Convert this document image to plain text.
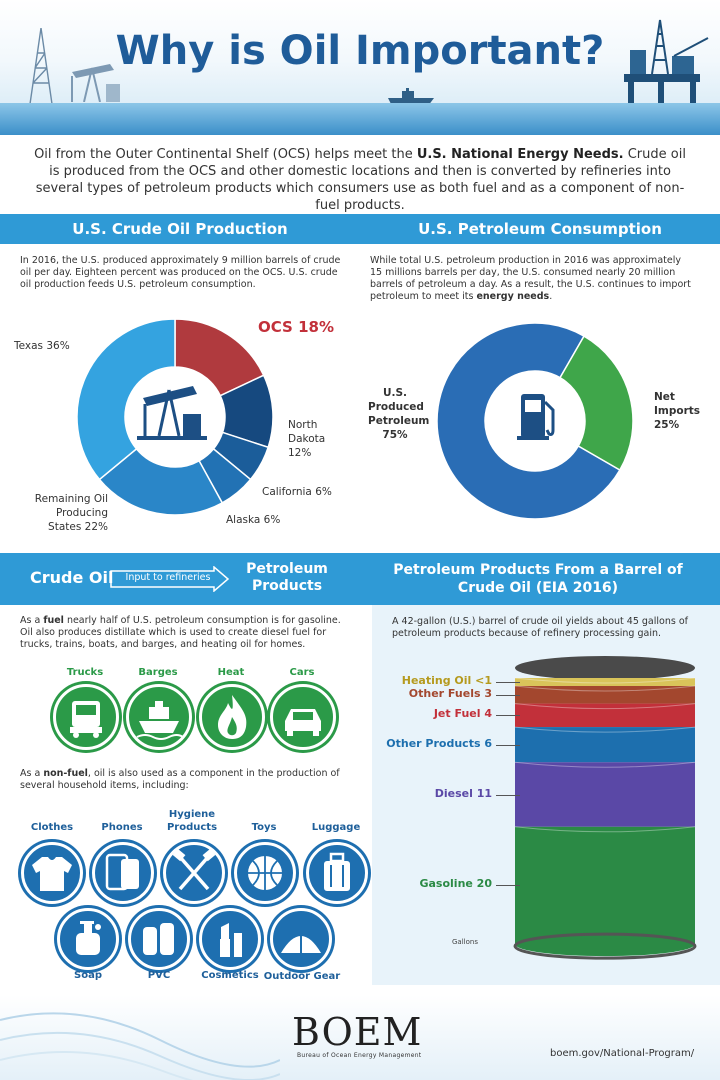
Why is Oil Important?
Oil from the Outer Continental Shelf (OCS) helps meet the U.S. National Energy Needs. Crude oil is produced from the OCS and other domestic locations and then is converted by refineries into several types of petroleum products which consumers use as both fuel and as a component of non-fuel products.
U.S. Crude Oil Production	U.S. Petroleum Consumption
In 2016, the U.S. produced approximately 9 million barrels of crude oil per day. Eighteen percent was produced on the OCS. U.S. crude oil production feeds U.S. petroleum consumption.
While total U.S. petroleum production in 2016 was approximately 15 millions barrels per day, the U.S. consumed nearly 20 million barrels of petroleum a day. As a result, the U.S. continues to import petroleum to meet its energy needs.
Texas 36%
OCS 18%
North Dakota 12%
California 6%
Alaska 6%
Remaining Oil Producing States 22%
U.S. Produced Petroleum 75%
Net Imports 25%
Crude Oil	Input to refineries
Petroleum Products
Petroleum Products From a Barrel of Crude Oil (EIA 2016)
As a fuel nearly half of U.S. petroleum consumption is for gasoline. Oil also produces distillate which is used to create diesel fuel for trucks, trains, boats, and barges, and heating oil for homes.
Trucks	Barges	Heat	Cars
As a non-fuel, oil is also used as a component in the production of several household items, including:
Clothes	Phones
Hygiene Products	Toys	Luggage
Soap	PVC	Cosmetics Outdoor Gear
A 42-gallon (U.S.) barrel of crude oil yields about 45 gallons of petroleum products because of refinery processing gain.
Heating Oil <1
Other Fuels 3
Jet Fuel 4
Other Products 6
Diesel 11
Gasoline 20
Gallons
BOEM
Bureau of Ocean Energy Management	boem.gov/National-Program/
